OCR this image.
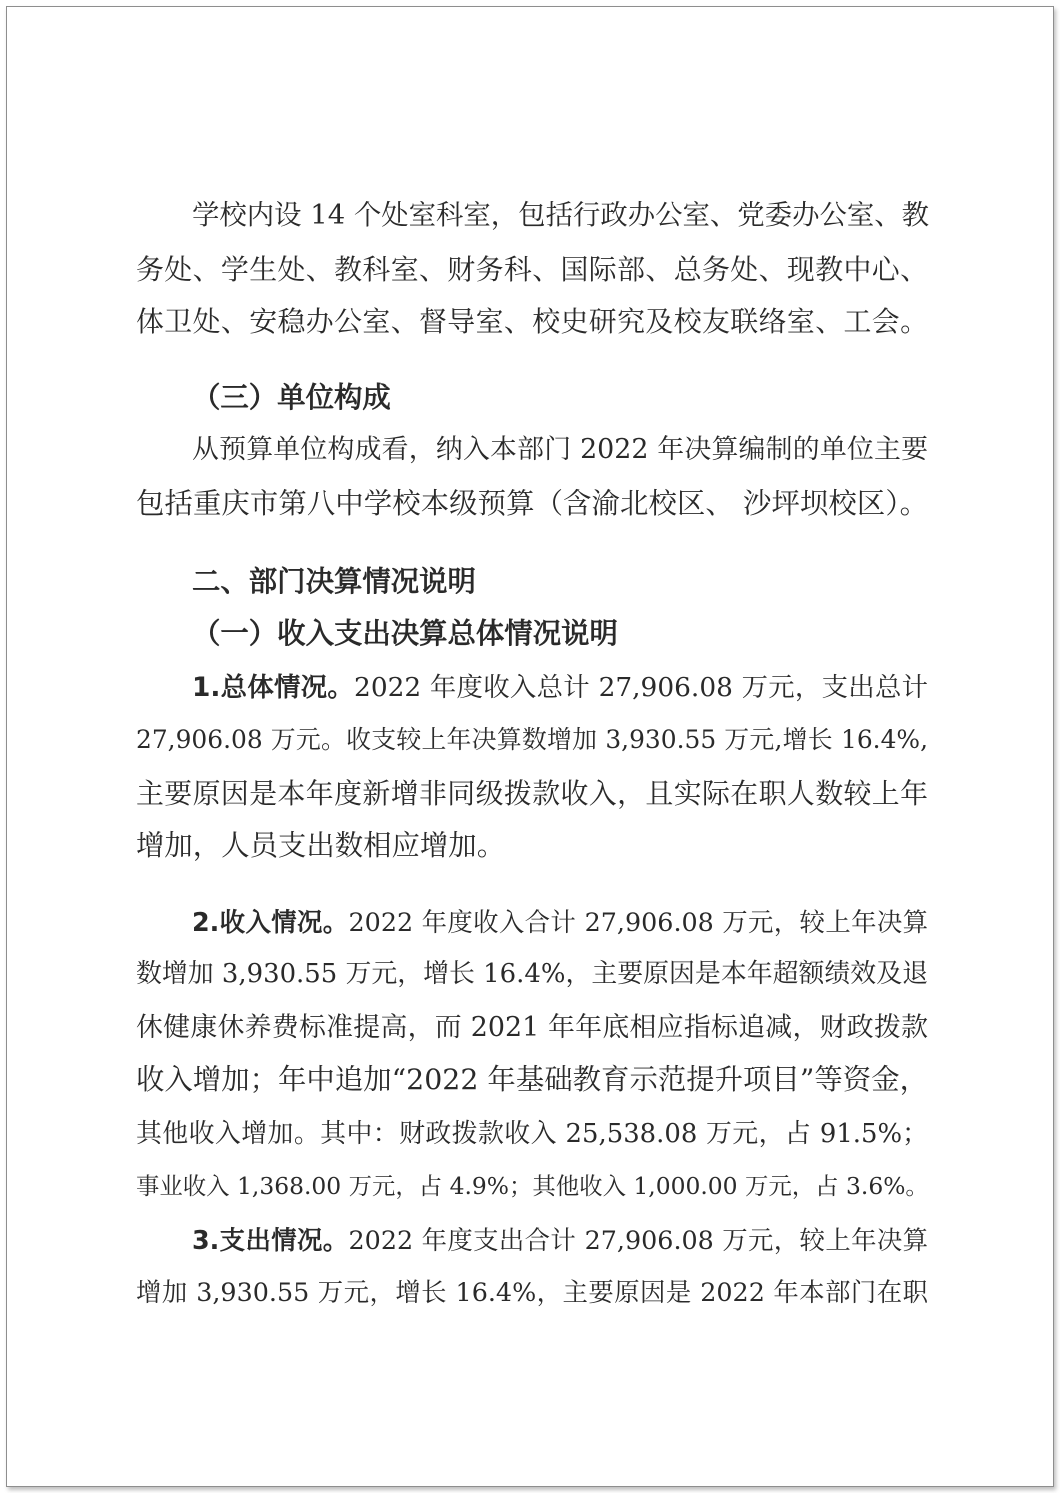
学校内设 14 个处室科室，包括行政办公室、党委办公室、教
务处、学生处、教科室、财务科、国际部、总务处、现教中心、
体卫处、安稳办公室、督导室、校史研究及校友联络室、工会。
（三）单位构成
从预算单位构成看，纳入本部门 2022 年决算编制的单位主要
包括重庆市第八中学校本级预算（含渝北校区、 沙坪坝校区）。
二、部门决算情况说明
（一）收入支出决算总体情况说明
1.总体情况。2022 年度收入总计 27,906.08 万元，支出总计
27,906.08 万元。收支较上年决算数增加 3,930.55 万元,增长 16.4%,
主要原因是本年度新增非同级拨款收入，且实际在职人数较上年
增加，人员支出数相应增加。
2.收入情况。2022 年度收入合计 27,906.08 万元，较上年决算
数增加 3,930.55 万元，增长 16.4%，主要原因是本年超额绩效及退
休健康休养费标准提高，而 2021 年年底相应指标追减，财政拨款
收入增加；年中追加“2022 年基础教育示范提升项目”等资金，
其他收入增加。其中：财政拨款收入 25,538.08 万元，占 91.5%；
事业收入 1,368.00 万元，占 4.9%；其他收入 1,000.00 万元，占 3.6%。
3.支出情况。2022 年度支出合计 27,906.08 万元，较上年决算
增加 3,930.55 万元，增长 16.4%，主要原因是 2022 年本部门在职
